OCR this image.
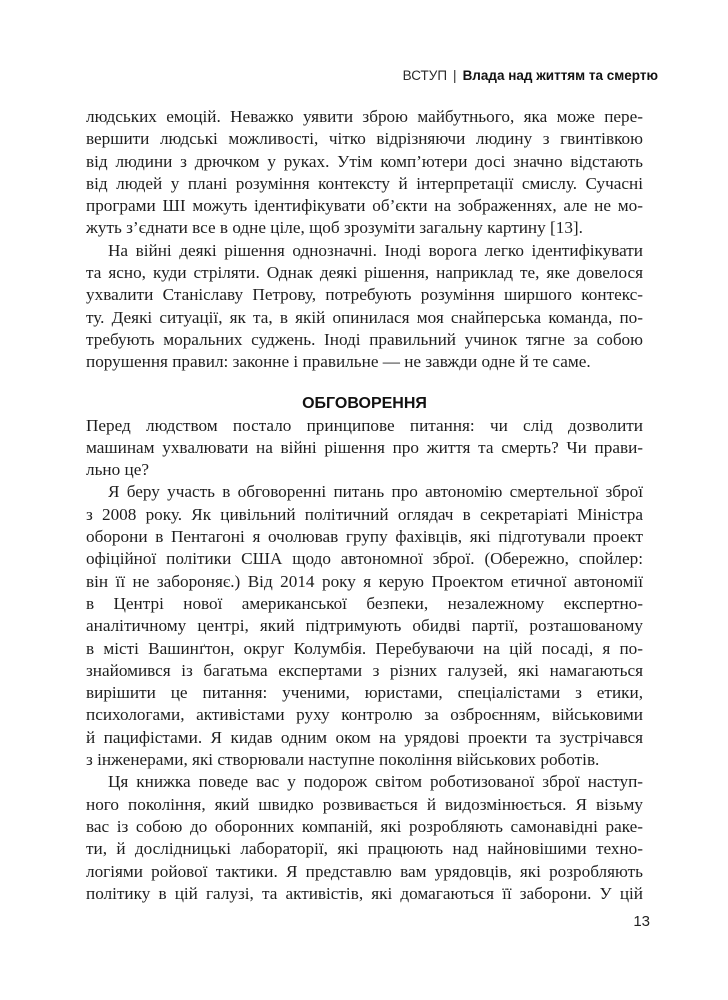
ВСТУП | Влада над життям та смертю
людських емоцій. Неважко уявити зброю майбутнього, яка може пере-
вершити людські можливості, чітко відрізняючи людину з гвинтівкою
від людини з дрючком у руках. Утім комп’ютери досі значно відстають
від людей у плані розуміння контексту й інтерпретації смислу. Сучасні
програми ШІ можуть ідентифікувати об’єкти на зображеннях, але не мо-
жуть з’єднати все в одне ціле, щоб зрозуміти загальну картину [13].
На війні деякі рішення однозначні. Іноді ворога легко ідентифікувати
та ясно, куди стріляти. Однак деякі рішення, наприклад те, яке довелося
ухвалити Станіславу Петрову, потребують розуміння ширшого контекс-
ту. Деякі ситуації, як та, в якій опинилася моя снайперська команда, по-
требують моральних суджень. Іноді правильний учинок тягне за собою
порушення правил: законне і правильне — не завжди одне й те саме.
ОБГОВОРЕННЯ
Перед людством постало принципове питання: чи слід дозволити
машинам ухвалювати на війні рішення про життя та смерть? Чи прави-
льно це?
Я беру участь в обговоренні питань про автономію смертельної зброї
з 2008 року. Як цивільний політичний оглядач в секретаріаті Міністра
оборони в Пентагоні я очолював групу фахівців, які підготували проект
офіційної політики США щодо автономної зброї. (Обережно, спойлер:
він її не забороняє.) Від 2014 року я керую Проектом етичної автономії
в Центрі нової американської безпеки, незалежному експертно-
аналітичному центрі, який підтримують обидві партії, розташованому
в місті Вашинґтон, округ Колумбія. Перебуваючи на цій посаді, я по-
знайомився із багатьма експертами з різних галузей, які намагаються
вирішити це питання: ученими, юристами, спеціалістами з етики,
психологами, активістами руху контролю за озброєнням, військовими
й пацифістами. Я кидав одним оком на урядові проекти та зустрічався
з інженерами, які створювали наступне покоління військових роботів.
Ця книжка поведе вас у подорож світом роботизованої зброї наступ-
ного покоління, який швидко розвивається й видозмінюється. Я візьму
вас із собою до оборонних компаній, які розробляють самонавідні раке-
ти, й дослідницькі лабораторії, які працюють над найновішими техно-
логіями ройової тактики. Я представлю вам урядовців, які розробляють
політику в цій галузі, та активістів, які домагаються її заборони. У цій
13
